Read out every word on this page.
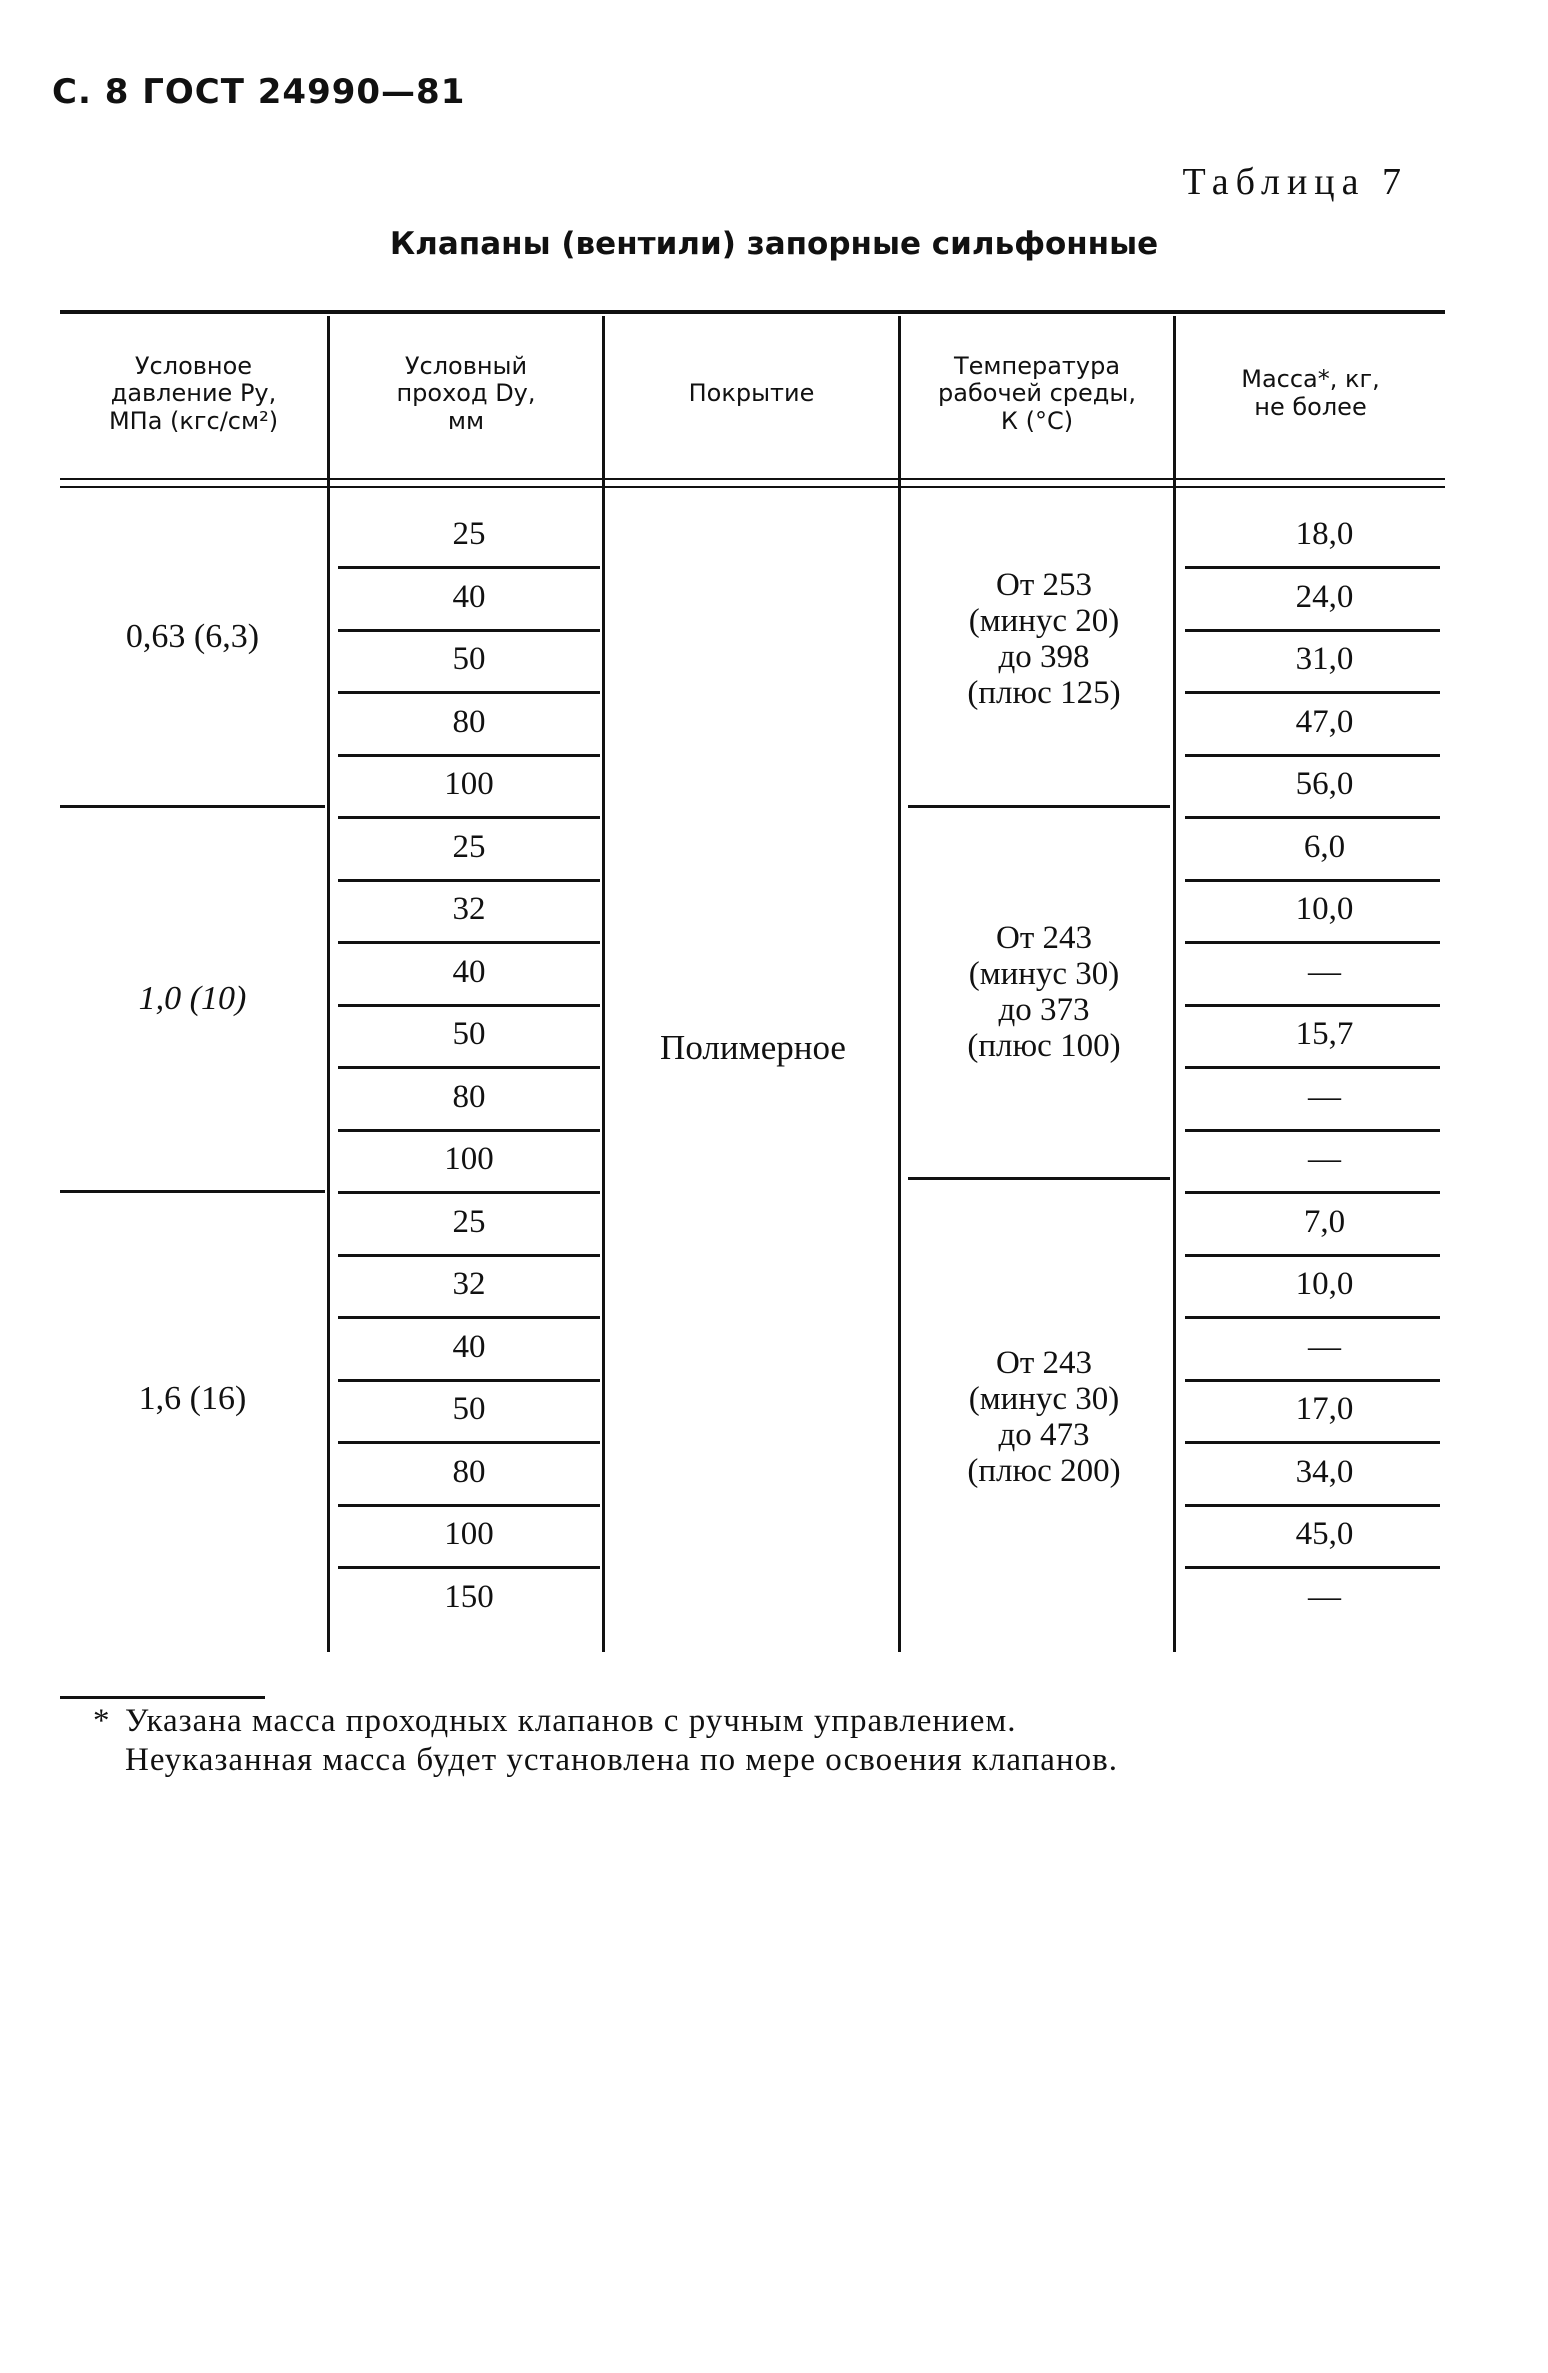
С. 8 ГОСТ 24990—81
Таблица 7
Клапаны (вентили) запорные сильфонные
Условное
давление Pу,
МПа (кгс/см²)
Условный
проход Dу,
мм
Покрытие
Температура
рабочей среды,
К (°С)
Масса*, кг,
не более
0,63 (6,3)
1,0 (10)
1,6 (16)
25
40
50
80
100
25
32
40
50
80
100
25
32
40
50
80
100
150
Полимерное
От 253
(минус 20)
до 398
(плюс 125)
От 243
(минус 30)
до 373
(плюс 100)
От 243
(минус 30)
до 473
(плюс 200)
18,0
24,0
31,0
47,0
56,0
6,0
10,0
—
15,7
—
—
7,0
10,0
—
17,0
34,0
45,0
—
* Указана масса проходных клапанов с ручным управлением.
Неуказанная масса будет установлена по мере освоения клапанов.
